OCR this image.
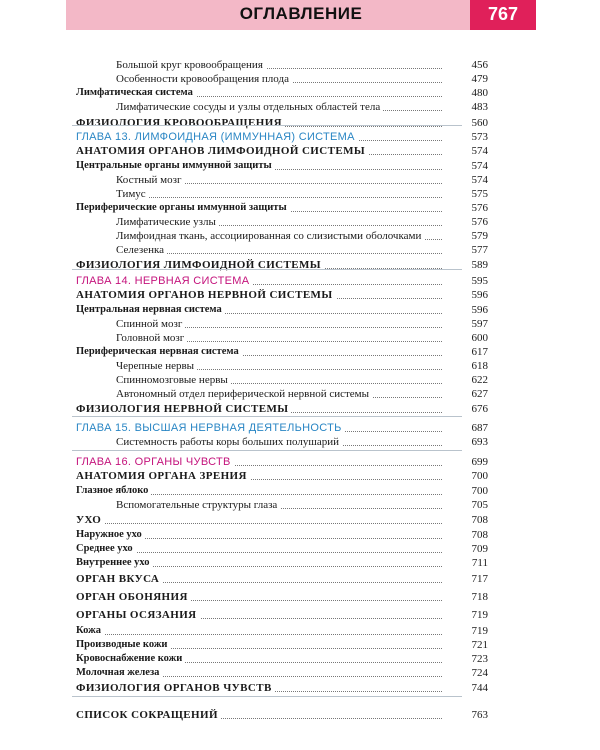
ОГЛАВЛЕНИЕ	767
Большой круг кровообращения	456
Особенности кровообращения плода	479
Лимфатическая система	480
Лимфатические сосуды и узлы отдельных областей тела	483
ФИЗИОЛОГИЯ КРОВООБРАЩЕНИЯ	560
ГЛАВА 13. ЛИМФОИДНАЯ (ИММУННАЯ) СИСТЕМА	573
АНАТОМИЯ ОРГАНОВ ЛИМФОИДНОЙ СИСТЕМЫ	574
Центральные органы иммунной защиты	574
Костный мозг	574
Тимус	575
Периферические органы иммунной защиты	576
Лимфатические узлы	576
Лимфоидная ткань, ассоциированная со слизистыми оболочками	579
Селезенка	577
ФИЗИОЛОГИЯ ЛИМФОИДНОЙ СИСТЕМЫ	589
ГЛАВА 14. НЕРВНАЯ СИСТЕМА	595
АНАТОМИЯ ОРГАНОВ НЕРВНОЙ СИСТЕМЫ	596
Центральная нервная система	596
Спинной мозг	597
Головной мозг	600
Периферическая нервная система	617
Черепные нервы	618
Спинномозговые нервы	622
Автономный отдел периферической нервной системы	627
ФИЗИОЛОГИЯ НЕРВНОЙ СИСТЕМЫ	676
ГЛАВА 15. ВЫСШАЯ НЕРВНАЯ ДЕЯТЕЛЬНОСТЬ	687
Системность работы коры больших полушарий	693
ГЛАВА 16. ОРГАНЫ ЧУВСТВ	699
АНАТОМИЯ ОРГАНА ЗРЕНИЯ	700
Глазное яблоко	700
Вспомогательные структуры глаза	705
УХО	708
Наружное ухо	708
Среднее ухо	709
Внутреннее ухо	711
ОРГАН ВКУСА	717
ОРГАН ОБОНЯНИЯ	718
ОРГАНЫ ОСЯЗАНИЯ	719
Кожа	719
Производные кожи	721
Кровоснабжение кожи	723
Молочная железа	724
ФИЗИОЛОГИЯ ОРГАНОВ ЧУВСТВ	744
СПИСОК СОКРАЩЕНИЙ	763
